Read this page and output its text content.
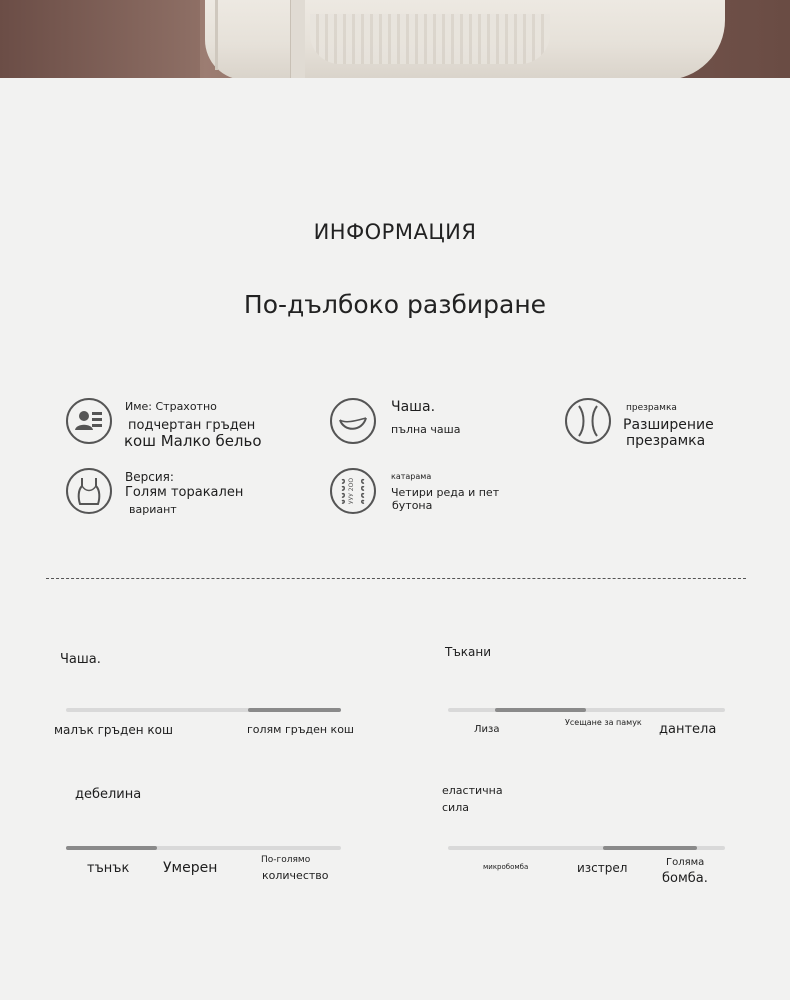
ИНФОРМАЦИЯ
По-дълбоко разбиране
Име: Страхотно
подчертан гръден
кош Малко бельо
Чаша.
пълна чаша
презрамка
Разширение
презрамка
Версия:
Голям торакален
вариант
УУУ 2ОО
катарама
Четири реда и пет
бутона
Чаша.
малък гръден кош	голям гръден кош
Тъкани
Лиза
Усещане за памук дантела
дебелина
тънък Умерен	По-голямо
количество
еластична
сила
микробомба	изстрел	Голяма
бомба.
